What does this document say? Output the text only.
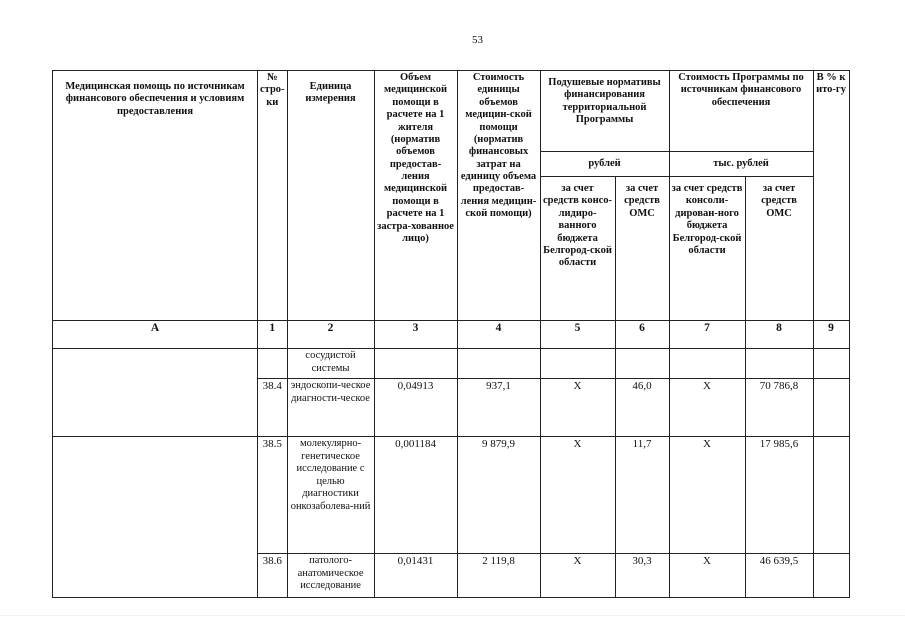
53
Медицинская помощь по источникам финансового обеспечения и условиям предоставления	№ стро-ки	Единица измерения	Объем медицинской помощи в расчете на 1 жителя (норматив объемов предостав-ления медицинской помощи в расчете на 1 застра-хованное лицо)	Стоимость единицы объемов медицин-ской помощи (норматив финансовых затрат на единицу объема предостав-ления медицин-ской помощи)	Подушевые нормативы финансирования территориальной Программы		Стоимость Программы по источникам финансового обеспечения		В % к ито-гу
					рублей		тыс. рублей		
					за счет средств консо-лидиро-ванного бюджета Белгород-ской области	за счет средств ОМС	за счет средств консоли-дирован-ного бюджета Белгород-ской области	за счет средств ОМС	
А	1	2	3	4	5	6	7	8	9
		сосудистой системы							
	38.4	эндоскопи-ческое диагности-ческое	0,04913	937,1	Х	46,0	Х	70 786,8	
	38.5	молекулярно-генетическое исследование с целью диагностики онкозаболева-ний	0,001184	9 879,9	Х	11,7	Х	17 985,6	
	38.6	патолого-анатомическое исследование	0,01431	2 119,8	Х	30,3	Х	46 639,5	
